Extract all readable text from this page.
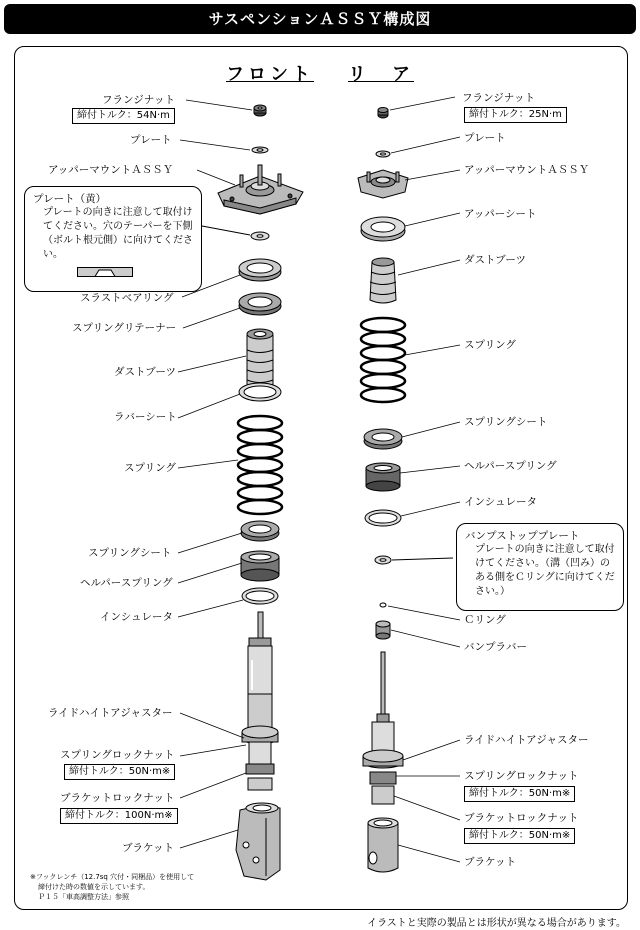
サスペンションＡＳＳＹ構成図
フロント リ　ア
フランジナット
締付トルク：54N·m
プレート
アッパーマウントＡＳＳＹ
プレート（黄）
プレートの向きに注意して取付けてください。穴のテーパーを下側（ボルト根元側）に向けてください。
スラストベアリング
スプリングリテーナー
ダストブーツ
ラバーシート
スプリング
スプリングシート
ヘルパースプリング
インシュレータ
ライドハイトアジャスター
スプリングロックナット
締付トルク：50N·m※
ブラケットロックナット
締付トルク：100N·m※
ブラケット
※フックレンチ（12.7sq 穴付・同梱品）を使用して
締付けた時の数値を示しています。
Ｐ１５「車高調整方法」参照
フランジナット
締付トルク：25N·m
プレート
アッパーマウントＡＳＳＹ
アッパーシート
ダストブーツ
スプリング
スプリングシート
ヘルパースプリング
インシュレータ
バンプストッププレート
プレートの向きに注意して取付けてください。（溝（凹み）のある側をＣリングに向けてください。）
Ｃリング
バンプラバー
ライドハイトアジャスター
スプリングロックナット
締付トルク：50N·m※
ブラケットロックナット
締付トルク：50N·m※
ブラケット
イラストと実際の製品とは形状が異なる場合があります。
